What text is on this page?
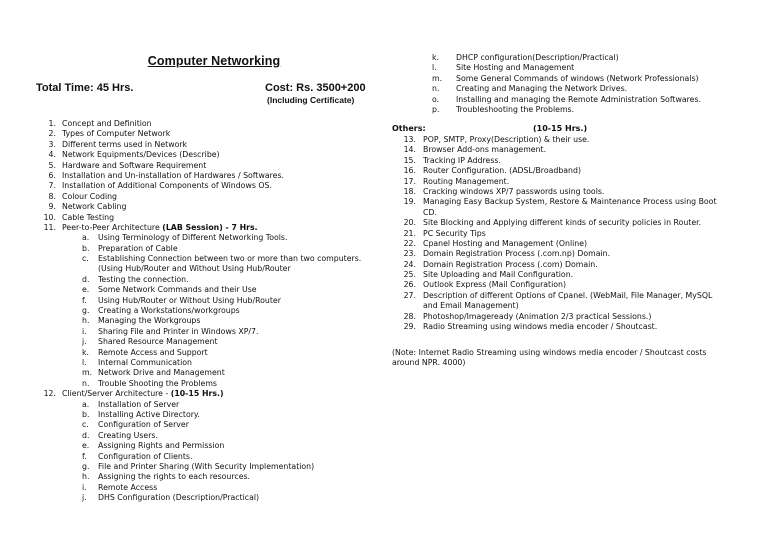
Computer Networking
Total Time: 45 Hrs.	Cost: Rs. 3500+200
(Including Certificate)
1. Concept and Definition
2. Types of Computer Network
3. Different terms used in Network
4. Network Equipments/Devices (Describe)
5. Hardware and Software Requirement
6. Installation and Un-installation of Hardwares / Softwares.
7. Installation of Additional Components of Windows OS.
8. Colour Coding
9. Network Cabling
10. Cable Testing
11. Peer-to-Peer Architecture (LAB Session) - 7 Hrs.
a.	Using Terminology of Different Networking Tools.
b.	Preparation of Cable
c.	Establishing Connection between two or more than two computers. (Using Hub/Router and Without Using Hub/Router
d.	Testing the connection.
e.	Some Network Commands and their Use
f.	Using Hub/Router or Without Using Hub/Router
g.	Creating a Workstations/workgroups
h.	Managing the Workgroups
i.	Sharing File and Printer in Windows XP/7.
j.	Shared Resource Management
k.	Remote Access and Support
l.	Internal Communication
m. Network Drive and Management
n.	Trouble Shooting the Problems
12. Client/Server Architecture - (10-15 Hrs.)
a.	Installation of Server
b.	Installing Active Directory.
c.	Configuration of Server
d.	Creating Users.
e.	Assigning Rights and Permission
f.	Configuration of Clients.
g.	File and Printer Sharing (With Security Implementation)
h.	Assigning the rights to each resources.
i.	Remote Access
j.	DHS Configuration (Description/Practical)
k.	DHCP configuration(Description/Practical)
l.	Site Hosting and Management
m. Some General Commands of windows (Network Professionals)
n.	Creating and Managing the Network Drives.
o.	Installing and managing the Remote Administration Softwares.
p.	Troubleshooting the Problems.
Others:	(10-15 Hrs.)
13. POP, SMTP, Proxy(Description) & their use.
14. Browser Add-ons management.
15. Tracking IP Address.
16. Router Configuration. (ADSL/Broadband)
17. Routing Management.
18. Cracking windows XP/7 passwords using tools.
19. Managing Easy Backup System, Restore & Maintenance Process using Boot CD.
20. Site Blocking and Applying different kinds of security policies in Router.
21. PC Security Tips
22. Cpanel Hosting and Management (Online)
23. Domain Registration Process (.com.np) Domain.
24. Domain Registration Process (.com) Domain.
25. Site Uploading and Mail Configuration.
26. Outlook Express (Mail Configuration)
27. Description of different Options of Cpanel. (WebMail, File Manager, MySQL and Email Management)
28. Photoshop/Imageready (Animation 2/3 practical Sessions.)
29. Radio Streaming using windows media encoder / Shoutcast.
(Note: Internet Radio Streaming using windows media encoder / Shoutcast costs around NPR. 4000)
